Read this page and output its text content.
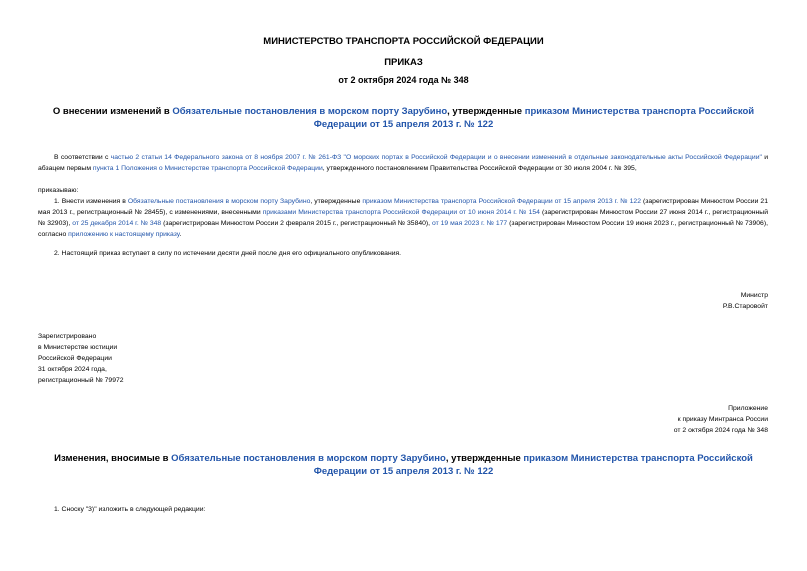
МИНИСТЕРСТВО ТРАНСПОРТА РОССИЙСКОЙ ФЕДЕРАЦИИ
ПРИКАЗ
от 2 октября 2024 года № 348
О внесении изменений в Обязательные постановления в морском порту Зарубино, утвержденные приказом Министерства транспорта Российской Федерации от 15 апреля 2013 г. № 122
В соответствии с частью 2 статьи 14 Федерального закона от 8 ноября 2007 г. № 261-ФЗ "О морских портах в Российской Федерации и о внесении изменений в отдельные законодательные акты Российской Федерации" и абзацем первым пункта 1 Положения о Министерстве транспорта Российской Федерации, утвержденного постановлением Правительства Российской Федерации от 30 июля 2004 г. № 395,
приказываю:
1. Внести изменения в Обязательные постановления в морском порту Зарубино, утвержденные приказом Министерства транспорта Российской Федерации от 15 апреля 2013 г. № 122 (зарегистрирован Минюстом России 21 мая 2013 г., регистрационный № 28455), с изменениями, внесенными приказами Министерства транспорта Российской Федерации от 10 июня 2014 г. № 154 (зарегистрирован Минюстом России 27 июня 2014 г., регистрационный № 32903), от 25 декабря 2014 г. № 348 (зарегистрирован Минюстом России 2 февраля 2015 г., регистрационный № 35840), от 19 мая 2023 г. № 177 (зарегистрирован Минюстом России 19 июня 2023 г., регистрационный № 73906), согласно приложению к настоящему приказу.
2. Настоящий приказ вступает в силу по истечении десяти дней после дня его официального опубликования.
Министр
Р.В.Старовойт
Зарегистрировано
в Министерстве юстиции
Российской Федерации
31 октября 2024 года,
регистрационный № 79972
Приложение
к приказу Минтранса России
от 2 октября 2024 года № 348
Изменения, вносимые в Обязательные постановления в морском порту Зарубино, утвержденные приказом Министерства транспорта Российской Федерации от 15 апреля 2013 г. № 122
1. Сноску "3)" изложить в следующей редакции:
